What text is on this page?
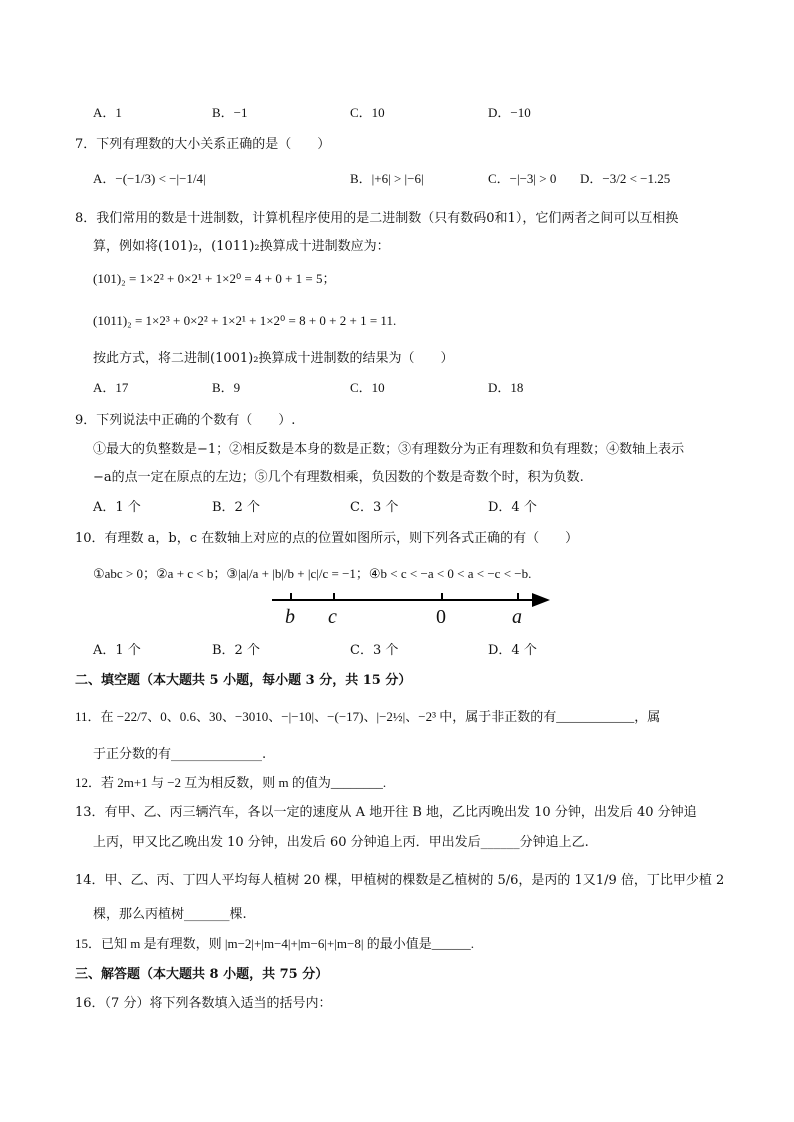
A．1	B．−1	C．10	D．−10
7．下列有理数的大小关系正确的是（　　）
A．−(−1/3) < −|−1/4|	B．|+6| > |−6|	C．−|−3| > 0 D．−3/2 < −1.25
8．我们常用的数是十进制数，计算机程序使用的是二进制数（只有数码0和1），它们两者之间可以互相换
算，例如将(101)₂，(1011)₂换算成十进制数应为：
(101)₂ = 1×2² + 0×2¹ + 1×2⁰ = 4 + 0 + 1 = 5；
(1011)₂ = 1×2³ + 0×2² + 1×2¹ + 1×2⁰ = 8 + 0 + 2 + 1 = 11.
按此方式，将二进制(1001)₂换算成十进制数的结果为（　　）
A．17	B．9	C．10	D．18
9．下列说法中正确的个数有（　　）.
①最大的负整数是−1；②相反数是本身的数是正数；③有理数分为正有理数和负有理数；④数轴上表示
−a的点一定在原点的左边；⑤几个有理数相乘，负因数的个数是奇数个时，积为负数.
A．1 个	B．2 个	C．3 个	D．4 个
10．有理数 a，b，c 在数轴上对应的点的位置如图所示，则下列各式正确的有（　　）
①abc > 0；②a + c < b；③|a|/a + |b|/b + |c|/c = −1；④b < c < −a < 0 < a < −c < −b.
b c	0	a
A．1 个	B．2 个	C．3 个	D．4 个
二、填空题（本大题共 5 小题，每小题 3 分，共 15 分）
11．在 −22/7、0、0.6、30、−3010、−|−10|、−(−17)、|−2½|、−2³ 中，属于非正数的有____________，属
于正分数的有______________.
12．若 2m+1 与 −2 互为相反数，则 m 的值为________.
13．有甲、乙、丙三辆汽车，各以一定的速度从 A 地开往 B 地，乙比丙晚出发 10 分钟，出发后 40 分钟追
上丙，甲又比乙晚出发 10 分钟，出发后 60 分钟追上丙．甲出发后______分钟追上乙.
14．甲、乙、丙、丁四人平均每人植树 20 棵，甲植树的棵数是乙植树的 5/6，是丙的 1又1/9 倍，丁比甲少植 2
棵，那么丙植树_______棵.
15．已知 m 是有理数，则 |m−2|+|m−4|+|m−6|+|m−8| 的最小值是______.
三、解答题（本大题共 8 小题，共 75 分）
16．（7 分）将下列各数填入适当的括号内：
